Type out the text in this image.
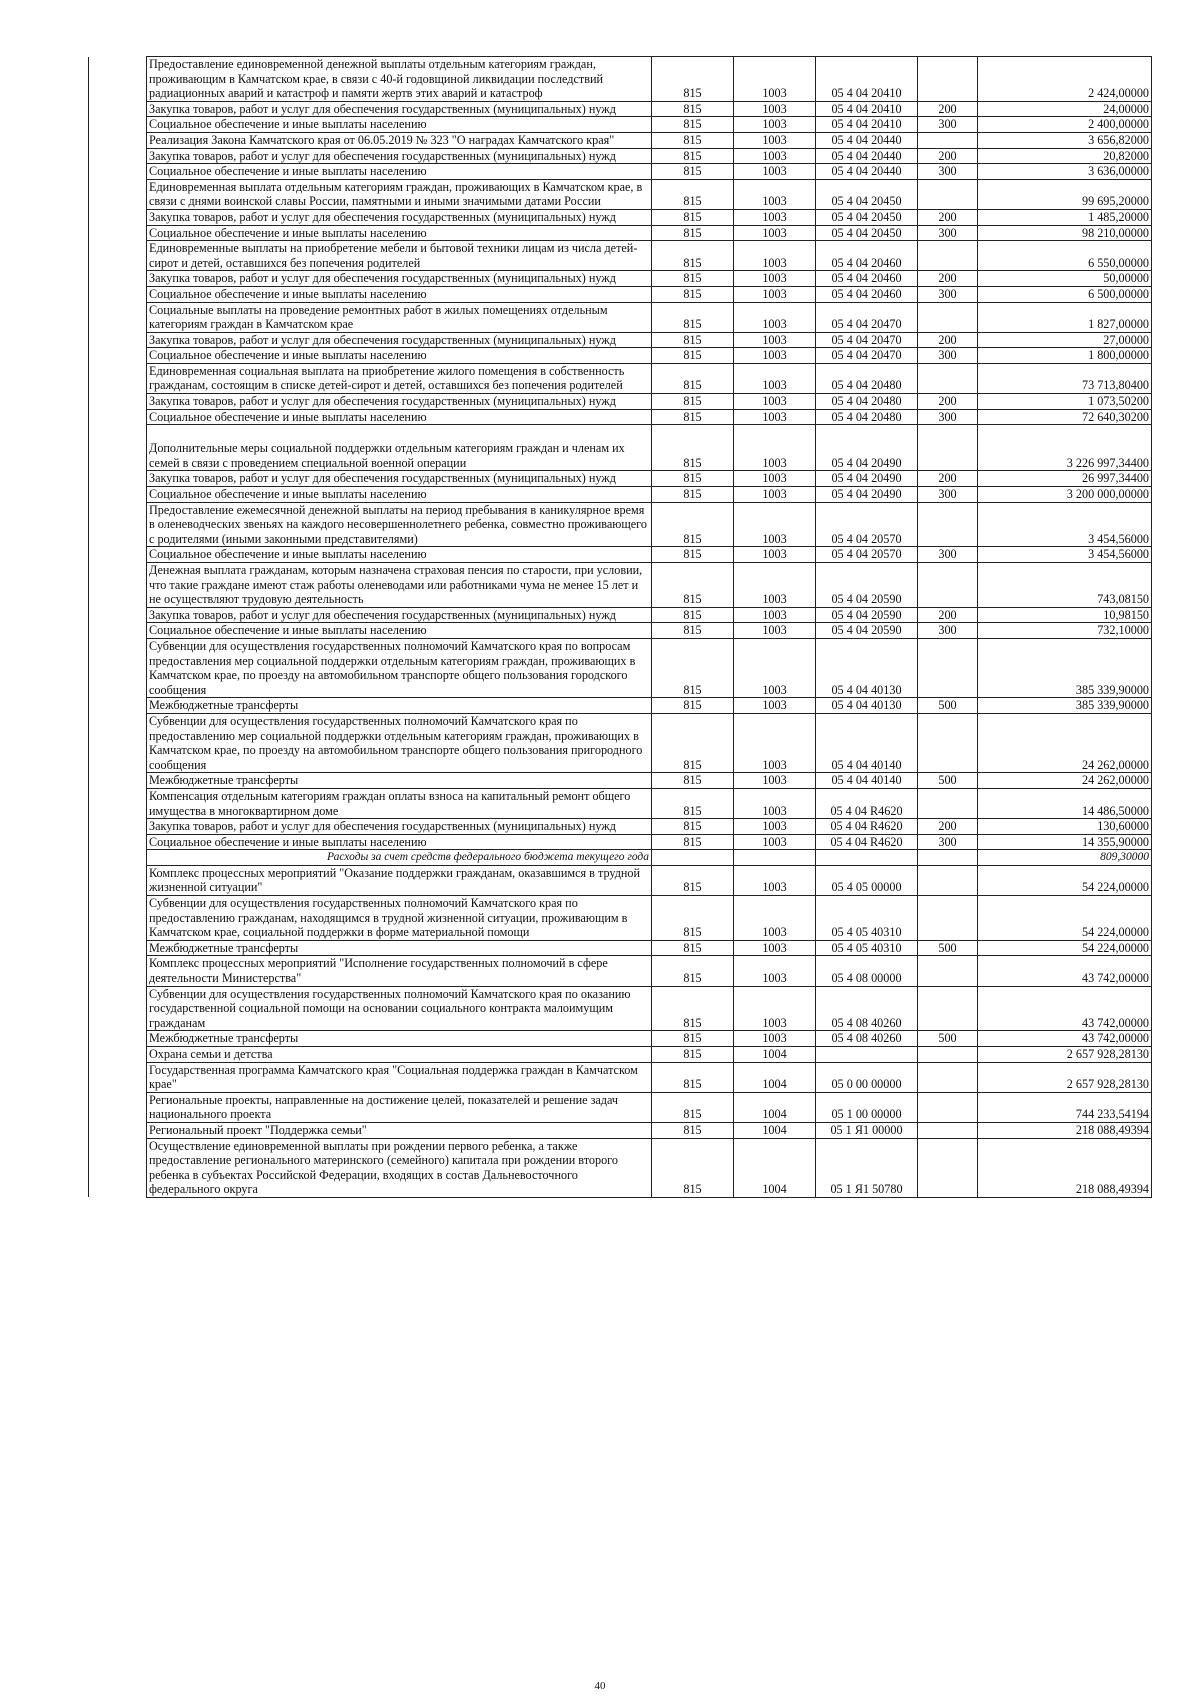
	Предоставление единовременной денежной выплаты отдельным категориям граждан, проживающим в Камчатском крае, в связи с 40-й годовщиной ликвидации последствий радиационных аварий и катастроф и памяти жертв этих аварий и катастроф	815	1003	05 4 04 20410		2 424,00000
	Закупка товаров, работ и услуг для обеспечения государственных (муниципальных) нужд	815	1003	05 4 04 20410	200	24,00000
	Социальное обеспечение и иные выплаты населению	815	1003	05 4 04 20410	300	2 400,00000
	Реализация Закона Камчатского края от 06.05.2019 № 323 "О наградах Камчатского края"	815	1003	05 4 04 20440		3 656,82000
	Закупка товаров, работ и услуг для обеспечения государственных (муниципальных) нужд	815	1003	05 4 04 20440	200	20,82000
	Социальное обеспечение и иные выплаты населению	815	1003	05 4 04 20440	300	3 636,00000
	Единовременная выплата отдельным категориям граждан, проживающих в Камчатском крае, в связи с днями воинской славы России, памятными и иными значимыми датами России	815	1003	05 4 04 20450		99 695,20000
	Закупка товаров, работ и услуг для обеспечения государственных (муниципальных) нужд	815	1003	05 4 04 20450	200	1 485,20000
	Социальное обеспечение и иные выплаты населению	815	1003	05 4 04 20450	300	98 210,00000
	Единовременные выплаты на приобретение мебели и бытовой техники лицам из числа детей-сирот и детей, оставшихся без попечения родителей	815	1003	05 4 04 20460		6 550,00000
	Закупка товаров, работ и услуг для обеспечения государственных (муниципальных) нужд	815	1003	05 4 04 20460	200	50,00000
	Социальное обеспечение и иные выплаты населению	815	1003	05 4 04 20460	300	6 500,00000
	Социальные выплаты на проведение ремонтных работ в жилых помещениях отдельным категориям граждан в Камчатском крае	815	1003	05 4 04 20470		1 827,00000
	Закупка товаров, работ и услуг для обеспечения государственных (муниципальных) нужд	815	1003	05 4 04 20470	200	27,00000
	Социальное обеспечение и иные выплаты населению	815	1003	05 4 04 20470	300	1 800,00000
	Единовременная социальная выплата на приобретение жилого помещения в собственность гражданам, состоящим в списке детей-сирот и детей, оставшихся без попечения родителей	815	1003	05 4 04 20480		73 713,80400
	Закупка товаров, работ и услуг для обеспечения государственных (муниципальных) нужд	815	1003	05 4 04 20480	200	1 073,50200
	Социальное обеспечение и иные выплаты населению	815	1003	05 4 04 20480	300	72 640,30200
	Дополнительные меры социальной поддержки отдельным категориям граждан и членам их семей в связи с проведением специальной военной операции	815	1003	05 4 04 20490		3 226 997,34400
	Закупка товаров, работ и услуг для обеспечения государственных (муниципальных) нужд	815	1003	05 4 04 20490	200	26 997,34400
	Социальное обеспечение и иные выплаты населению	815	1003	05 4 04 20490	300	3 200 000,00000
	Предоставление ежемесячной денежной выплаты на период пребывания в каникулярное время в оленеводческих звеньях на каждого несовершеннолетнего ребенка, совместно проживающего с родителями (иными законными представителями)	815	1003	05 4 04 20570		3 454,56000
	Социальное обеспечение и иные выплаты населению	815	1003	05 4 04 20570	300	3 454,56000
	Денежная выплата гражданам, которым назначена страховая пенсия по старости, при условии, что такие граждане имеют стаж работы оленеводами или работниками чума не менее 15 лет и не осуществляют трудовую деятельность	815	1003	05 4 04 20590		743,08150
	Закупка товаров, работ и услуг для обеспечения государственных (муниципальных) нужд	815	1003	05 4 04 20590	200	10,98150
	Социальное обеспечение и иные выплаты населению	815	1003	05 4 04 20590	300	732,10000
	Субвенции для осуществления государственных полномочий Камчатского края по вопросам предоставления мер социальной поддержки отдельным категориям граждан, проживающих в Камчатском крае, по проезду на автомобильном транспорте общего пользования городского сообщения	815	1003	05 4 04 40130		385 339,90000
	Межбюджетные трансферты	815	1003	05 4 04 40130	500	385 339,90000
	Субвенции для осуществления государственных полномочий Камчатского края по предоставлению мер социальной поддержки отдельным категориям граждан, проживающих в Камчатском крае, по проезду на автомобильном транспорте общего пользования пригородного сообщения	815	1003	05 4 04 40140		24 262,00000
	Межбюджетные трансферты	815	1003	05 4 04 40140	500	24 262,00000
	Компенсация отдельным категориям граждан оплаты взноса на капитальный ремонт общего имущества в многоквартирном доме	815	1003	05 4 04 R4620		14 486,50000
	Закупка товаров, работ и услуг для обеспечения государственных (муниципальных) нужд	815	1003	05 4 04 R4620	200	130,60000
	Социальное обеспечение и иные выплаты населению	815	1003	05 4 04 R4620	300	14 355,90000
	Расходы за счет средств федерального бюджета текущего года					809,30000
	Комплекс процессных мероприятий "Оказание поддержки гражданам, оказавшимся в трудной жизненной ситуации"	815	1003	05 4 05 00000		54 224,00000
	Субвенции для осуществления государственных полномочий Камчатского края по предоставлению гражданам, находящимся в трудной жизненной ситуации, проживающим в Камчатском крае, социальной поддержки в форме материальной помощи	815	1003	05 4 05 40310		54 224,00000
	Межбюджетные трансферты	815	1003	05 4 05 40310	500	54 224,00000
	Комплекс процессных мероприятий "Исполнение государственных полномочий в сфере деятельности Министерства"	815	1003	05 4 08 00000		43 742,00000
	Субвенции для осуществления государственных полномочий Камчатского края по оказанию государственной социальной помощи на основании социального контракта малоимущим гражданам	815	1003	05 4 08 40260		43 742,00000
	Межбюджетные трансферты	815	1003	05 4 08 40260	500	43 742,00000
	Охрана семьи и детства	815	1004			2 657 928,28130
	Государственная программа Камчатского края "Социальная поддержка граждан в Камчатском крае"	815	1004	05 0 00 00000		2 657 928,28130
	Региональные проекты, направленные на достижение целей, показателей и решение задач национального проекта	815	1004	05 1 00 00000		744 233,54194
	Региональный проект "Поддержка семьи"	815	1004	05 1 Я1 00000		218 088,49394
	Осуществление единовременной выплаты при рождении первого ребенка, а также предоставление регионального материнского (семейного) капитала при рождении второго ребенка в субъектах Российской Федерации, входящих в состав Дальневосточного федерального округа	815	1004	05 1 Я1 50780		218 088,49394
40
